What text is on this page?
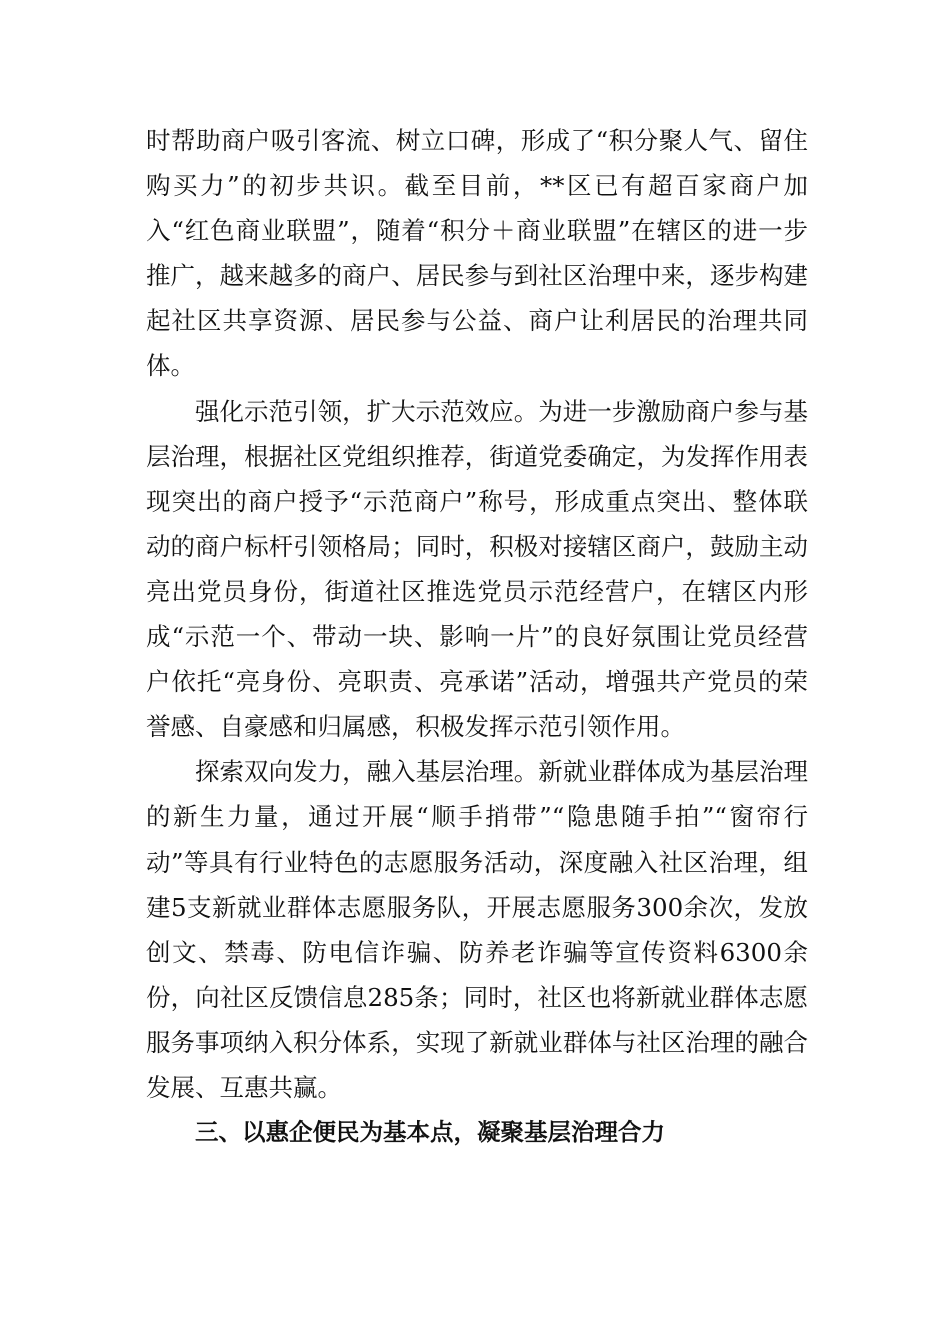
时帮助商户吸引客流、树立口碑，形成了“积分聚人气、留住购买力”的初步共识。截至目前，**区已有超百家商户加入“红色商业联盟”，随着“积分＋商业联盟”在辖区的进一步推广，越来越多的商户、居民参与到社区治理中来，逐步构建起社区共享资源、居民参与公益、商户让利居民的治理共同体。

强化示范引领，扩大示范效应。为进一步激励商户参与基层治理，根据社区党组织推荐，街道党委确定，为发挥作用表现突出的商户授予“示范商户”称号，形成重点突出、整体联动的商户标杆引领格局；同时，积极对接辖区商户，鼓励主动亮出党员身份，街道社区推选党员示范经营户，在辖区内形成“示范一个、带动一块、影响一片”的良好氛围让党员经营户依托“亮身份、亮职责、亮承诺”活动，增强共产党员的荣誉感、自豪感和归属感，积极发挥示范引领作用。

探索双向发力，融入基层治理。新就业群体成为基层治理的新生力量，通过开展“顺手捎带”“隐患随手拍”“窗帘行动”等具有行业特色的志愿服务活动，深度融入社区治理，组建5支新就业群体志愿服务队，开展志愿服务300余次，发放创文、禁毒、防电信诈骗、防养老诈骗等宣传资料6300余份，向社区反馈信息285条；同时，社区也将新就业群体志愿服务事项纳入积分体系，实现了新就业群体与社区治理的融合发展、互惠共赢。

三、以惠企便民为基本点，凝聚基层治理合力
